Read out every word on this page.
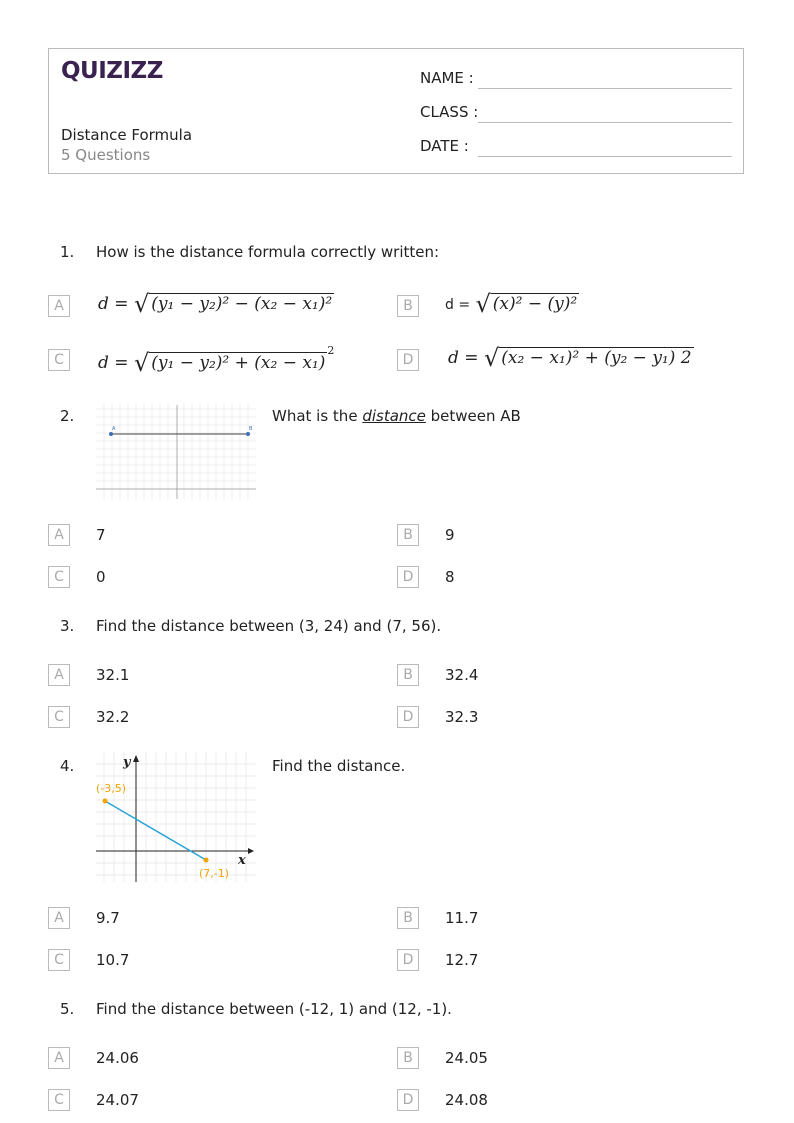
QUIZIZZ
Distance Formula
5 Questions
NAME :
CLASS :
DATE :
1. How is the distance formula correctly written:
A	d = √ (y₁ − y₂)² − (x₂ − x₁)²	B	d = √ (x)² − (y)²
C	d = √ $(y_1 - y_2)^2 + (x_2 - x_1)^2$
D	d = √ (x₂ − x₁)² + (y₂ − y₁) 2
2.
A	B
What is the distance between AB
A	7	B	9
C	0	D	8
3. Find the distance between (3, 24) and (7, 56).
A	32.1	B	32.4
C	32.2	D	32.3
4.	y
x
(-3,5)
(7,-1)
Find the distance.
A	9.7	B	11.7
C	10.7	D	12.7
5. Find the distance between (-12, 1) and (12, -1).
A	24.06	B	24.05
C	24.07	D	24.08
